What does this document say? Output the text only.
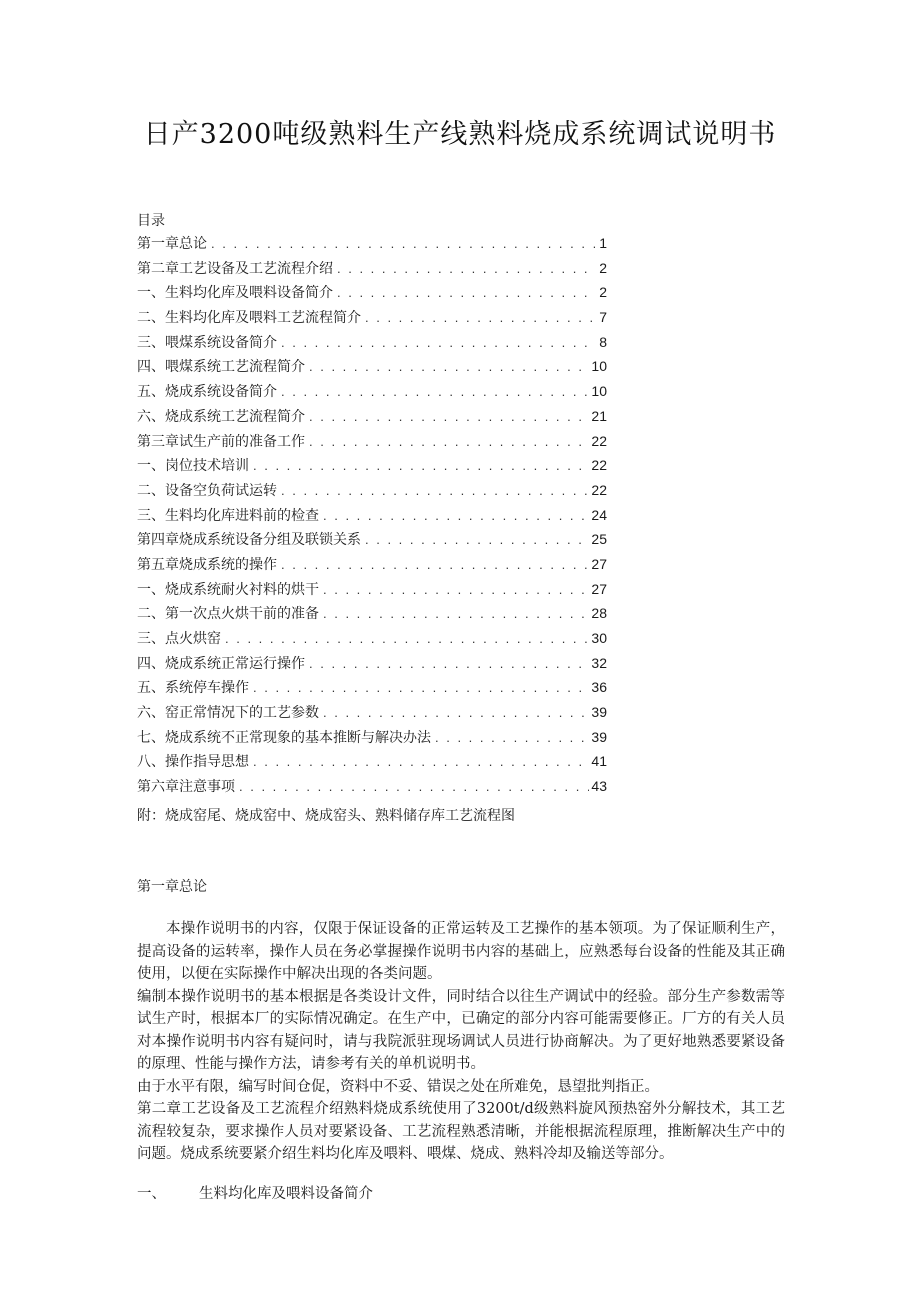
日产3200吨级熟料生产线熟料烧成系统调试说明书
目录
第一章总论 . . .	1
第二章工艺设备及工艺流程介绍 . . .	2
一、生料均化库及喂料设备简介 . . .	2
二、生料均化库及喂料工艺流程简介 . . .	7
三、喂煤系统设备简介 . . .	8
四、喂煤系统工艺流程简介 . . .	10
五、烧成系统设备简介 . . .	10
六、烧成系统工艺流程简介 . . .	21
第三章试生产前的准备工作 . . .	22
一、岗位技术培训 . . .	22
二、设备空负荷试运转 . . .	22
三、生料均化库进料前的检查 . . .	24
第四章烧成系统设备分组及联锁关系 . . .	25
第五章烧成系统的操作 . . .	27
一、烧成系统耐火衬料的烘干 . . .	27
二、第一次点火烘干前的准备 . . .	28
三、点火烘窑 . . .	30
四、烧成系统正常运行操作 . . .	32
五、系统停车操作 . . .	36
六、窑正常情况下的工艺参数 . . .	39
七、烧成系统不正常现象的基本推断与解决办法 . . .	39
八、操作指导思想 . . .	41
第六章注意事项 . . .	43
附：烧成窑尾、烧成窑中、烧成窑头、熟料储存库工艺流程图
第一章总论

本操作说明书的内容，仅限于保证设备的正常运转及工艺操作的基本领项。为了保证顺利生产，提高设备的运转率，操作人员在务必掌握操作说明书内容的基础上，应熟悉每台设备的性能及其正确使用，以便在实际操作中解决出现的各类问题。

编制本操作说明书的基本根据是各类设计文件，同时结合以往生产调试中的经验。部分生产参数需等试生产时，根据本厂的实际情况确定。在生产中，已确定的部分内容可能需要修正。厂方的有关人员对本操作说明书内容有疑问时，请与我院派驻现场调试人员进行协商解决。为了更好地熟悉要紧设备的原理、性能与操作方法，请参考有关的单机说明书。

由于水平有限，编写时间仓促，资料中不妥、错误之处在所难免，恳望批判指正。

第二章工艺设备及工艺流程介绍熟料烧成系统使用了3200t/d级熟料旋风预热窑外分解技术，其工艺流程较复杂，要求操作人员对要紧设备、工艺流程熟悉清晰，并能根据流程原理，推断解决生产中的问题。烧成系统要紧介绍生料均化库及喂料、喂煤、烧成、熟料冷却及输送等部分。

一、 生料均化库及喂料设备简介
